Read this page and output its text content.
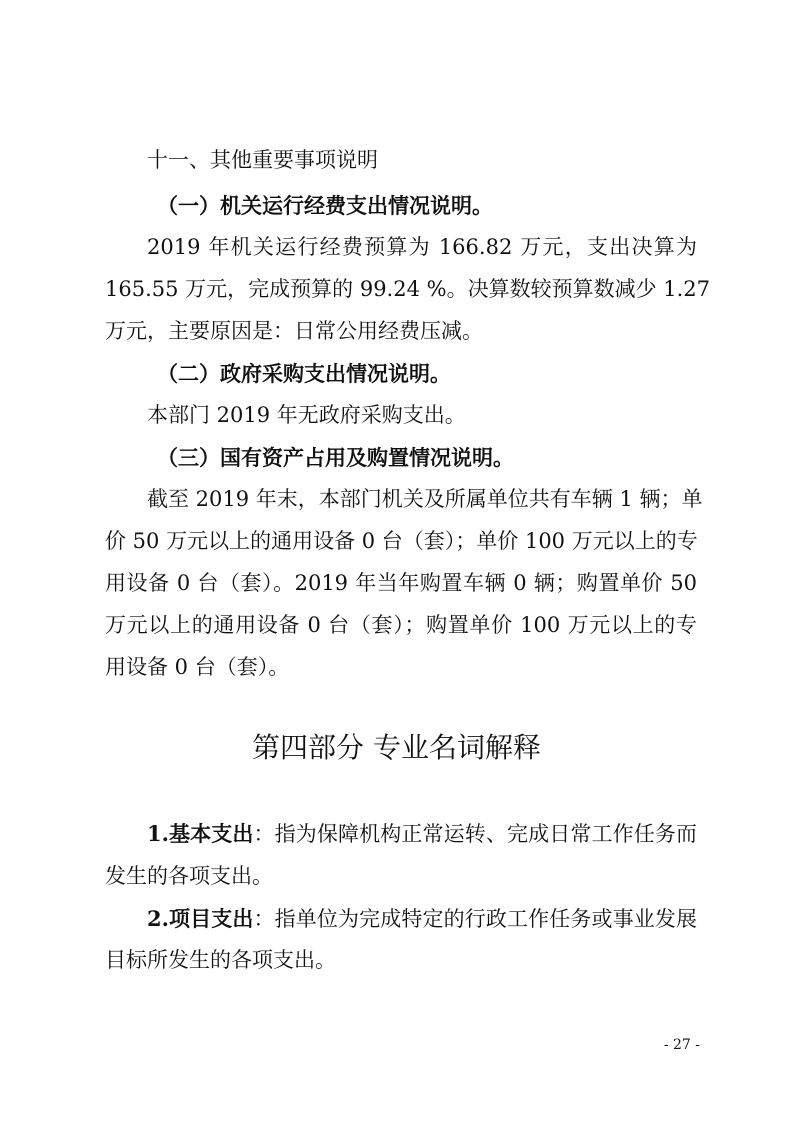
十一、其他重要事项说明
（一）机关运行经费支出情况说明。
2019 年机关运行经费预算为 166.82 万元，支出决算为
165.55 万元，完成预算的 99.24 %。决算数较预算数减少 1.27
万元，主要原因是：日常公用经费压减。
（二）政府采购支出情况说明。
本部门 2019 年无政府采购支出。
（三）国有资产占用及购置情况说明。
截至 2019 年末，本部门机关及所属单位共有车辆 1 辆；单
价 50 万元以上的通用设备 0 台（套）；单价 100 万元以上的专
用设备 0 台（套）。2019 年当年购置车辆 0 辆；购置单价 50
万元以上的通用设备 0 台（套）；购置单价 100 万元以上的专
用设备 0 台（套）。
第四部分 专业名词解释
1.基本支出：指为保障机构正常运转、完成日常工作任务而
发生的各项支出。
2.项目支出：指单位为完成特定的行政工作任务或事业发展
目标所发生的各项支出。
- 27 -
